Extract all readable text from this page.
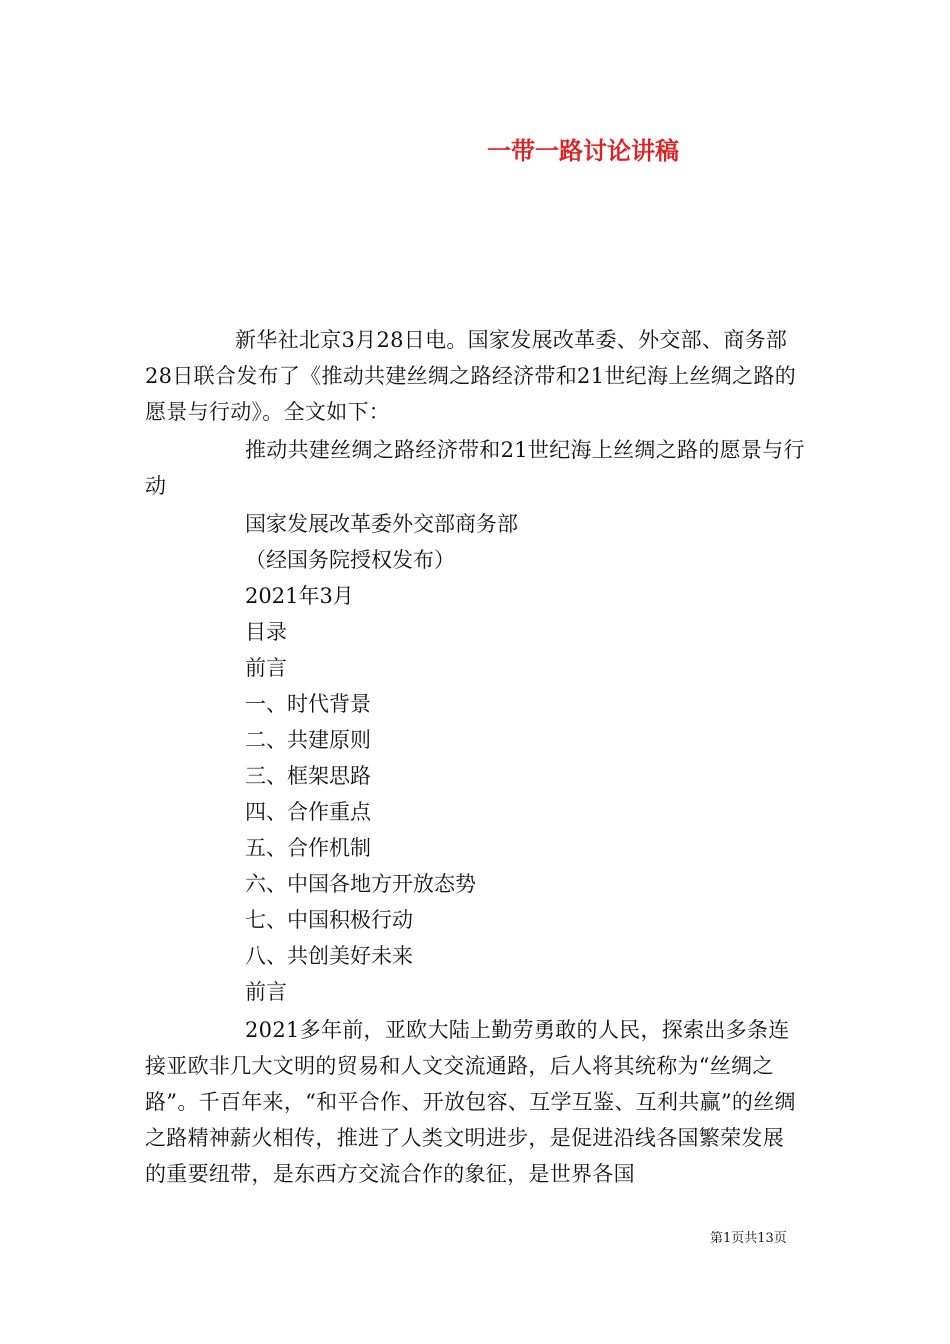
一带一路讨论讲稿

新华社北京3月28日电。国家发展改革委、外交部、商务部28日联合发布了《推动共建丝绸之路经济带和21世纪海上丝绸之路的愿景与行动》。全文如下：

推动共建丝绸之路经济带和21世纪海上丝绸之路的愿景与行动

国家发展改革委外交部商务部
（经国务院授权发布）
2021年3月
目录
前言
一、时代背景
二、共建原则
三、框架思路
四、合作重点
五、合作机制
六、中国各地方开放态势
七、中国积极行动
八、共创美好未来
前言

2021多年前，亚欧大陆上勤劳勇敢的人民，探索出多条连接亚欧非几大文明的贸易和人文交流通路，后人将其统称为“丝绸之路”。千百年来，“和平合作、开放包容、互学互鉴、互利共赢”的丝绸之路精神薪火相传，推进了人类文明进步，是促进沿线各国繁荣发展的重要纽带，是东西方交流合作的象征，是世界各国

第1页共13页
